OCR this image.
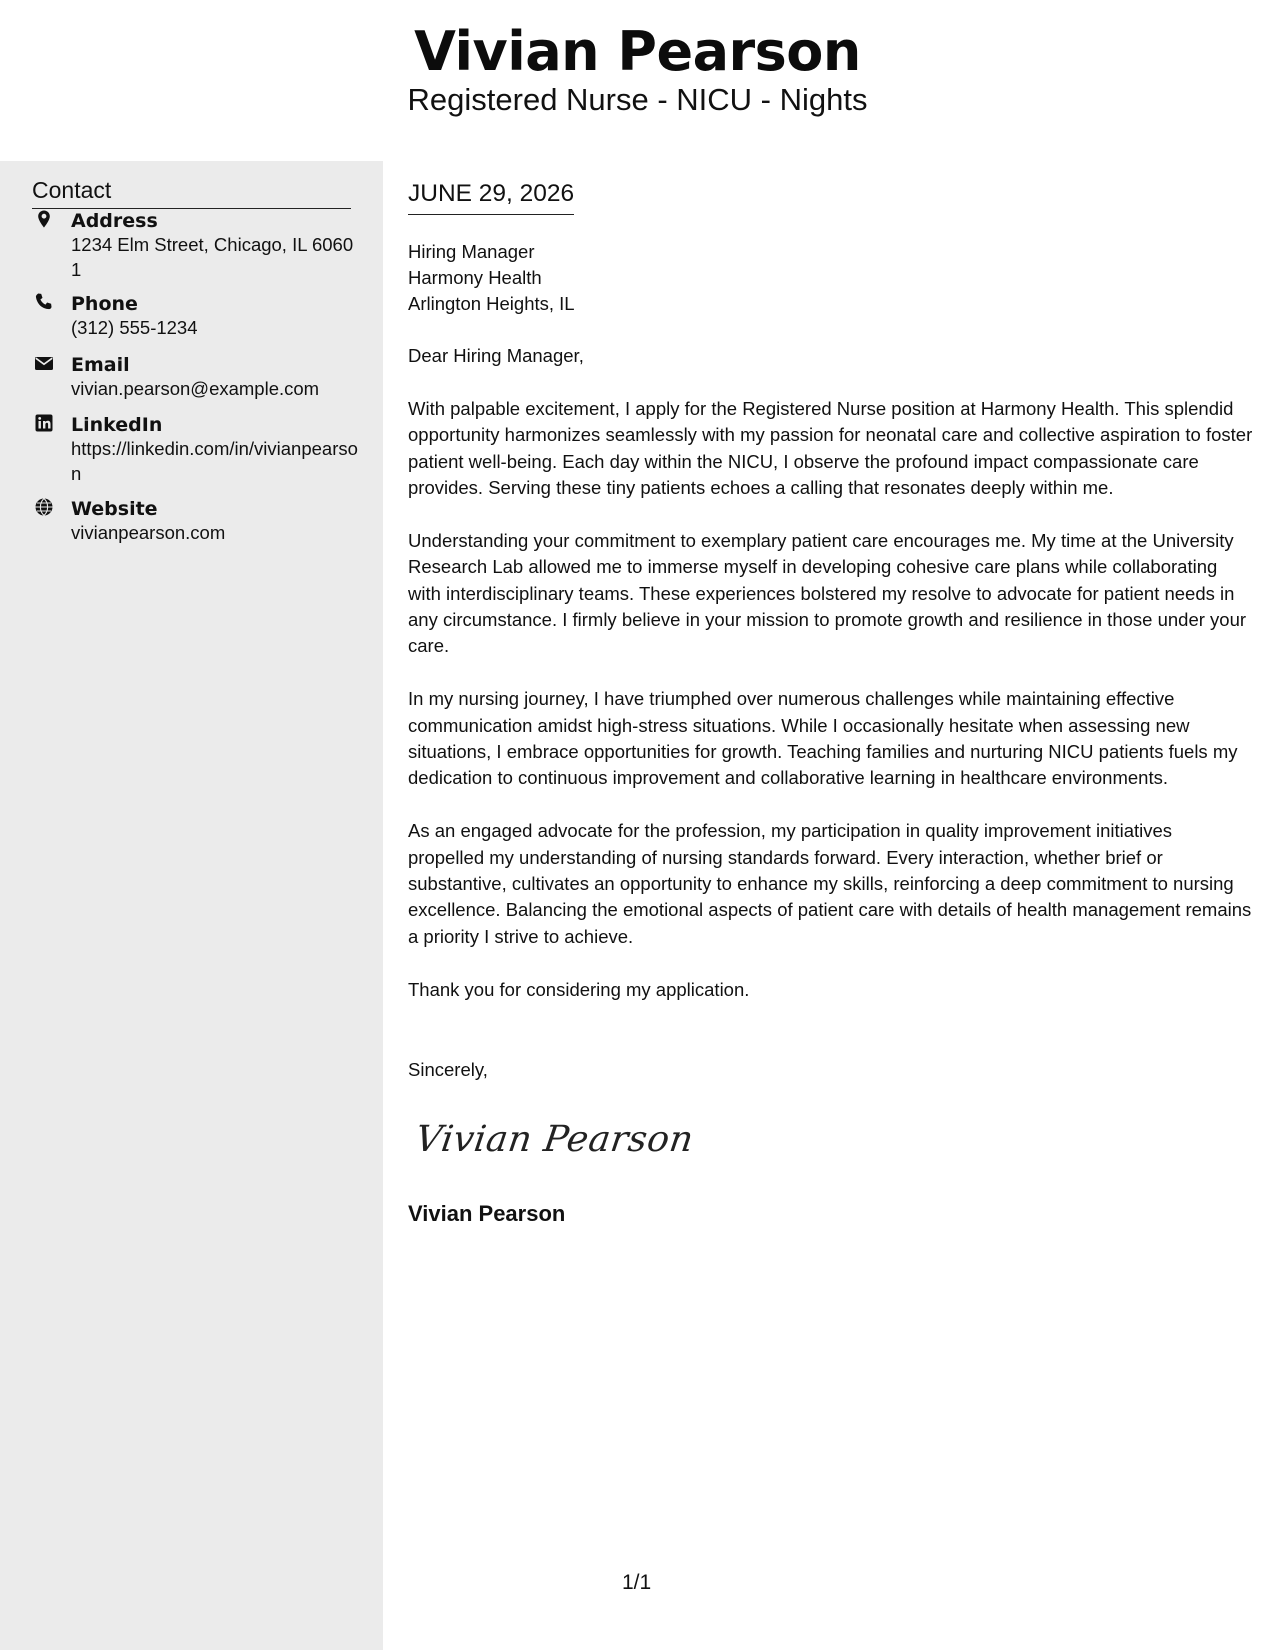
Vivian Pearson
Registered Nurse - NICU - Nights
Contact
Address
1234 Elm Street, Chicago, IL 60601
Phone
(312) 555-1234
Email
vivian.pearson@example.com
LinkedIn
https://linkedin.com/in/vivianpearson
Website
vivianpearson.com
JUNE 29, 2026
Hiring Manager
Harmony Health
Arlington Heights, IL

Dear Hiring Manager,

With palpable excitement, I apply for the Registered Nurse position at Harmony Health. This splendid opportunity harmonizes seamlessly with my passion for neonatal care and collective aspiration to foster patient well-being. Each day within the NICU, I observe the profound impact compassionate care provides. Serving these tiny patients echoes a calling that resonates deeply within me.

Understanding your commitment to exemplary patient care encourages me. My time at the University Research Lab allowed me to immerse myself in developing cohesive care plans while collaborating with interdisciplinary teams. These experiences bolstered my resolve to advocate for patient needs in any circumstance. I firmly believe in your mission to promote growth and resilience in those under your care.

In my nursing journey, I have triumphed over numerous challenges while maintaining effective communication amidst high-stress situations. While I occasionally hesitate when assessing new situations, I embrace opportunities for growth. Teaching families and nurturing NICU patients fuels my dedication to continuous improvement and collaborative learning in healthcare environments.

As an engaged advocate for the profession, my participation in quality improvement initiatives propelled my understanding of nursing standards forward. Every interaction, whether brief or substantive, cultivates an opportunity to enhance my skills, reinforcing a deep commitment to nursing excellence. Balancing the emotional aspects of patient care with details of health management remains a priority I strive to achieve.

Thank you for considering my application.

Sincerely,
Vivian Pearson
Vivian Pearson
1/1
